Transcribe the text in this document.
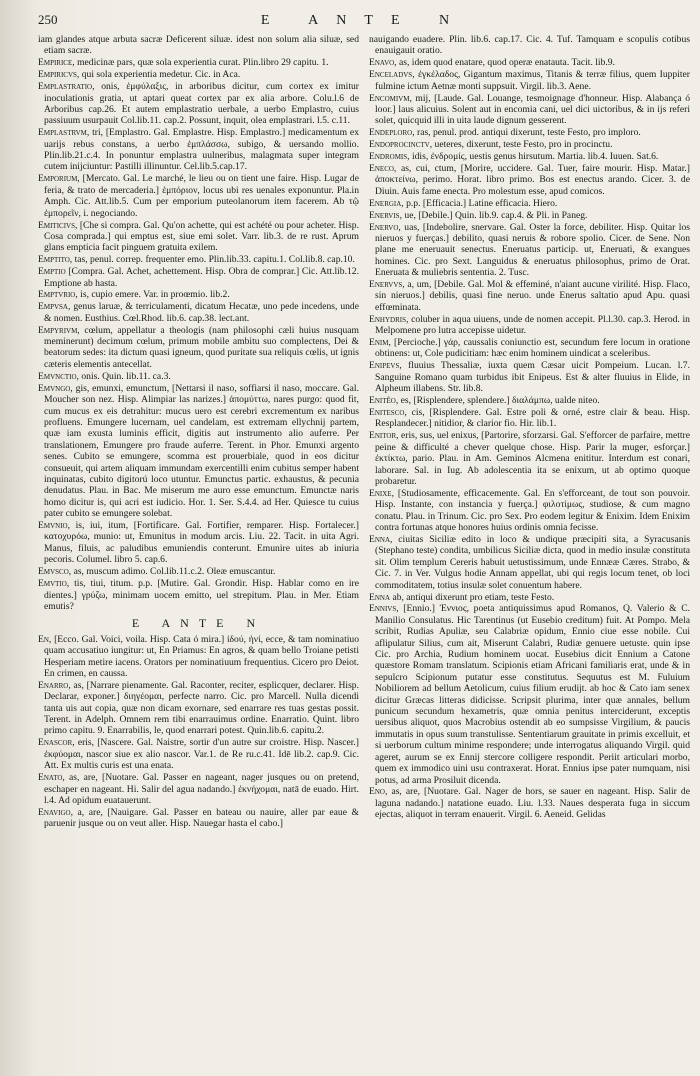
250	E ANTE N

iam glandes atque arbuta sacræ Deficerent siluæ. idest non solum alia siluæ, sed etiam sacræ.

Empirice, medicinæ pars, quæ sola experientia curat. Plin.libro 29 capitu. 1.

Empiricvs, qui sola experientia medetur. Cic. in Aca.

Emplastratio, onis, ἐμφύλαξις, in arboribus dicitur, cum cortex ex imitur inoculationis gratia, ut aptari queat cortex par ex alia arbore. Colu.l.6 de Arboribus cap.26. Et autem emplastratio uerbale, a uerbo Emplastro, cuius passiuum usurpauit Col.lib.11. cap.2. Possunt, inquit, olea emplastrari. l.5. c.11.

Emplastrvm, tri, [Emplastro. Gal. Emplastre. Hisp. Emplastro.] medicamentum ex uarijs rebus constans, a uerbo ἐμπλάσσω, subigo, & uersando mollio. Plin.lib.21.c.4. In ponuntur emplastra uulneribus, malagmata super integram cutem inijciuntur: Pastilli illinuntur. Cel.lib.5.cap.17.

Emporium, [Mercato. Gal. Le marché, le lieu ou on tient une faire. Hisp. Lugar de feria, & trato de mercaderia.] ἐμπόριον, locus ubi res uenales exponuntur. Pla.in Amph. Cic. Att.lib.5. Cum per emporium puteolanorum item facerem. Ab τῷ ἐμπορεῖν, i. negociando.

Emiticivs, [Che si compra. Gal. Qu'on achette, qui est achété ou pour acheter. Hisp. Cosa comprada.] qui emptus est, siue emi solet. Varr. lib.3. de re rust. Aprum glans empticia facit pinguem gratuita exilem.

Emptito, tas, penul. correp. frequenter emo. Plin.lib.33. capitu.1. Col.lib.8. cap.10.

Emptio [Compra. Gal. Achet, achettement. Hisp. Obra de comprar.] Cic. Att.lib.12. Emptione ab hasta.

Emptvrio, is, cupio emere. Var. in proœmio. lib.2.

Empvsa, genus laruæ, & terriculamenti, dicatum Hecatæ, uno pede incedens, unde & nomen. Eusthius. Cœl.Rhod. lib.6. cap.38. lect.ant.

Empyrivm, cœlum, appellatur a theologis (nam philosophi cæli huius nusquam meminerunt) decimum cœlum, primum mobile ambitu suo complectens, Dei & beatorum sedes: ita dictum quasi igneum, quod puritate sua reliquis cœlis, ut ignis cæteris elementis antecellat.

Emvnctio, onis. Quin. lib.11. ca.3.

Emvngo, gis, emunxi, emunctum, [Nettarsi il naso, soffiarsi il naso, moccare. Gal. Moucher son nez. Hisp. Alimpiar las narizes.] ἀπομύττω, nares purgo: quod fit, cum mucus ex eis detrahitur: mucus uero est cerebri excrementum ex naribus profluens. Emungere lucernam, uel candelam, est extremam ellychnij partem, quæ iam exusta luminis efficit, digitis aut instrumento alio auferre. Per translationem, Emungere pro fraude auferre. Terent. in Phor. Emunxi argento senes. Cubito se emungere, scomma est prouerbiale, quod in eos dicitur consueuit, qui artem aliquam immundam exercentilli enim cubitus semper habent inquinatas, cubito digitorú loco utuntur. Emunctus partic. exhaustus, & pecunia denudatus. Plau. in Bac. Me miserum me auro esse emunctum. Emunctæ naris homo dicitur is, qui acri est iudicio. Hor. 1. Ser. S.4.4. ad Her. Quiesce tu cuius pater cubito se emungere solebat.

Emvnio, is, iui, itum, [Fortificare. Gal. Fortifier, remparer. Hisp. Fortalecer.] κατοχυρόω, munio: ut, Emunitus in modum arcis. Liu. 22. Tacit. in uita Agri. Manus, filuis, ac paludibus emuniendis conterunt. Emunire uites ab iniuria pecoris. Columel. libro 5. cap.6.

Emvsco, as, muscum adimo. Col.lib.11.c.2. Oleæ emuscantur.

Emvtio, tis, tiui, titum. p.p. [Mutire. Gal. Grondir. Hisp. Hablar como en ire dientes.] γρύζω, minimam uocem emitto, uel strepitum. Plau. in Mer. Etiam emutis?

E ANTE N

En, [Ecco. Gal. Voici, voila. Hisp. Cata ó mira.] ἰδού, ἠνί, ecce, & tam nominatiuo quam accusatiuo iungitur: ut, En Priamus: En agros, & quam bello Troiane petisti Hesperiam metire iacens. Orators per nominatiuum frequentius. Cicero pro Deiot. En crimen, en caussa.

Enarro, as, [Narrare pienamente. Gal. Raconter, reciter, esplicquer, declarer. Hisp. Declarar, exponer.] διηγέομαι, perfecte narro. Cic. pro Marcell. Nulla dicendi tanta uis aut copia, quæ non dicam exornare, sed enarrare res tuas gestas possit. Terent. in Adelph. Omnem rem tibi enarrauimus ordine. Enarratio. Quint. libro primo capitu. 9. Enarrabilis, le, quod enarrari potest. Quin.lib.6. capitu.2.

Enascor, eris, [Nascere. Gal. Naistre, sortir d'un autre sur croistre. Hisp. Nascer.] ἐκφύομαι, nascor siue ex alio nascor. Var.1. de Re ru.c.41. Idē lib.2. cap.9. Cic. Att. Ex multis curis est una enata.

Enato, as, are, [Nuotare. Gal. Passer en nageant, nager jusques ou on pretend, eschaper en nageant. Hi. Salir del agua nadando.] ἐκνήχομαι, natā de euado. Hirt. l.4. Ad opidum euatauerunt.

Enavigo, a, are, [Nauigare. Gal. Passer en bateau ou nauire, aller par eaue & paruenir jusque ou on veut aller. Hisp. Nauegar hasta el cabo.]

nauigando euadere. Plin. lib.6. cap.17. Cic. 4. Tuf. Tamquam e scopulis cotibus enauigauit oratio.

Enavo, as, idem quod enatare, quod operæ enatauta. Tacit. lib.9.

Enceladvs, ἐγκέλαδος, Gigantum maximus, Titanis & terræ filius, quem Iuppiter fulmine ictum Aetnæ monti suppsuit. Virgil. lib.3. Aene.

Encomivm, mij, [Laude. Gal. Louange, tesmoignage d'honneur. Hisp. Alabança ó loor.] laus alicuius. Solent aut in encomia cani, uel dici uictoribus, & in ijs referi solet, quicquid illi in uita laude dignum gesserent.

Endeploro, ras, penul. prod. antiqui dixerunt, teste Festo, pro imploro.

Endoprocinctv, ueteres, dixerunt, teste Festo, pro in procinctu.

Endromis, idis, ἐνδρομίς, uestis genus hirsutum. Martia. lib.4. Iuuen. Sat.6.

Eneco, as, cui, ctum, [Morire, uccidere. Gal. Tuer, faire mourir. Hisp. Matar.] ἀποκτείνω, perimo. Horat. libro primo. Bos est enectus arando. Cicer. 3. de Diuin. Auis fame enecta. Pro molestum esse, apud comicos.

Energia, p.p. [Efficacia.] Latine efficacia. Hiero.

Enervis, ue, [Debile.] Quin. lib.9. cap.4. & Pli. in Paneg.

Enervo, uas, [Indebolire, snervare. Gal. Oster la force, debiliter. Hisp. Quitar los nieruos y fuerças.] debilito, quasi neruis & robore spolio. Cicer. de Sene. Non plane me eneruauit senectus. Eneruatus particip. ut, Eneruati, & exangues homines. Cic. pro Sext. Languidus & eneruatus philosophus, primo de Orat. Eneruata & muliebris sententia. 2. Tusc.

Enervvs, a, um, [Debile. Gal. Mol & effeminé, n'aiant aucune virilité. Hisp. Flaco, sin nieruos.] debilis, quasi fine neruo. unde Enerus saltatio apud Apu. quasi effœminata.

Enhydris, coluber in aqua uiuens, unde de nomen accepit. Pl.l.30. cap.3. Herod. in Melpomene pro lutra accepisse uidetur.

Enim, [Percioche.] γάρ, caussalis coniunctio est, secundum fere locum in oratione obtinens: ut, Cole pudicitiam: hæc enim hominem uindicat a sceleribus.

Enipevs, fluuius Thessaliæ, iuxta quem Cæsar uicit Pompeium. Lucan. l.7. Sanguine Romano quam turbidus ibit Enipeus. Est & alter fluuius in Elide, in Alpheum illabens. Str. lib.8.

Enitêo, es, [Risplendere, splendere.] διαλάμπω, ualde niteo.

Enitesco, cis, [Risplendere. Gal. Estre poli & orné, estre clair & beau. Hisp. Resplandecer.] nitidior, & clarior fio. Hir. lib.1.

Enitor, eris, sus, uel enixus, [Partorire, sforzarsi. Gal. S'efforcer de parfaire, mettre peine & difficulté a chever quelque chose. Hisp. Parir la muger, esforçar.] ἐκτίκτω, pario. Plau. in Am. Geminos Alcmena enititur. Interdum est conari, laborare. Sal. in Iug. Ab adolescentia ita se enixum, ut ab optimo quoque probaretur.

Enixe, [Studiosamente, efficacemente. Gal. En s'efforceant, de tout son pouvoir. Hisp. Instante, con instancia y fuerça.] φιλοτίμως, studiose, & cum magno conatu. Plau. in Trinum. Cic. pro Sex. Pro eodem legitur & Enixim. Idem Enixim contra fortunas atque honores huius ordinis omnia fecisse.

Enna, ciuitas Siciliæ edito in loco & undique præcipiti sita, a Syracusanis (Stephano teste) condita, umbilicus Siciliæ dicta, quod in medio insulæ constituta sit. Olim templum Cereris habuit uetustissimum, unde Ennææ Cæres. Strabo, & Cic. 7. in Ver. Vulgus hodie Annam appellat, ubi qui regis locum tenet, ob loci commoditatem, totius insulæ solet conuentum habere.

Enna ab, antiqui dixerunt pro etiam, teste Festo.

Ennivs, [Ennio.] Ἐννιος, poeta antiquissimus apud Romanos, Q. Valerio & C. Manilio Consulatus. Hic Tarentinus (ut Eusebio creditum) fuit. At Pompo. Mela scribit, Rudias Apuliæ, seu Calabriæ opidum, Ennio ciue esse nobile. Cui aflipulatur Silius, cum ait, Miserunt Calabri, Rudiæ genuere uetuste. quin ipse Cic. pro Archia, Rudium hominem uocat. Eusebius dicit Ennium a Catone quæstore Romam translatum. Scipionis etiam Africani familiaris erat, unde & in sepulcro Scipionum putatur esse constitutus. Sequutus est M. Fuluium Nobiliorem ad bellum Aetolicum, cuius filium erudijt. ab hoc & Cato iam senex dicitur Græcas litteras didicisse. Scripsit plurima, inter quæ annales, bellum punicum secundum hexametris, quæ omnia penitus interciderunt, exceptis uersibus aliquot, quos Macrobius ostendit ab eo sumpsisse Virgilium, & paucis immutatis in opus suum transtulisse. Sententiarum grauitate in primis excelluit, et si uerborum cultum minime respondere; unde interrogatus aliquando Virgil. quid ageret, aurum se ex Ennij stercore colligere respondit. Periit articulari morbo, quem ex immodico uini usu contraxerat. Horat. Ennius ipse pater numquam, nisi potus, ad arma Prosiluit dicenda.

Eno, as, are, [Nuotare. Gal. Nager de hors, se sauer en nageant. Hisp. Salir de laguna nadando.] natatione euado. Liu. l.33. Naues desperata fuga in siccum ejectas, aliquot in terram enauerit. Virgil. 6. Aeneid. Gelidas
